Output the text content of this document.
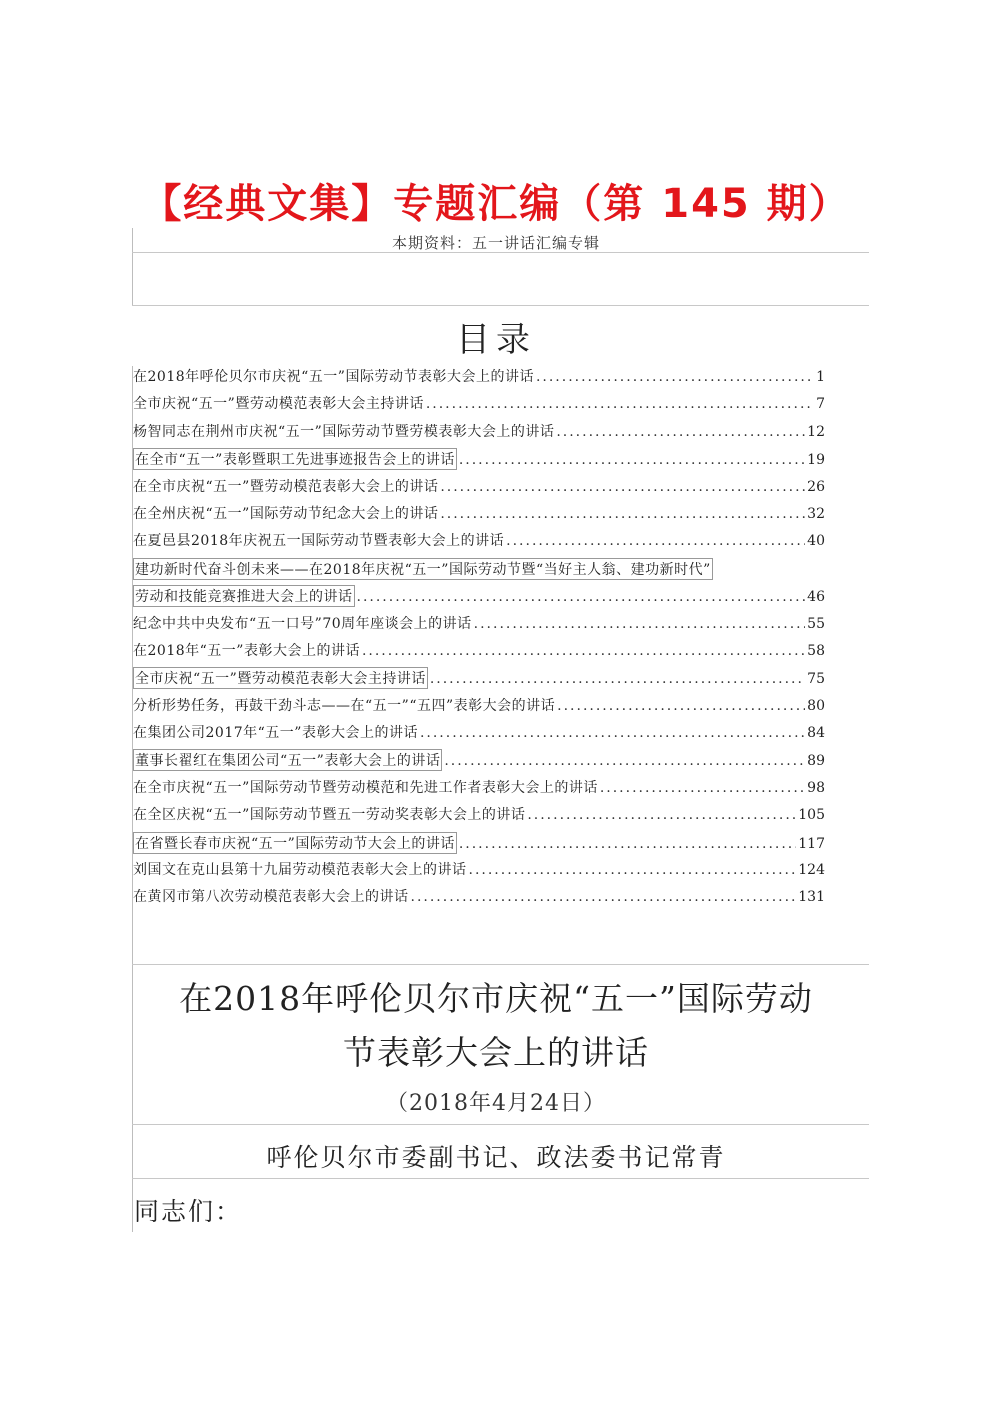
【经典文集】专题汇编（第 145 期）
本期资料：五一讲话汇编专辑
目录
在2018年呼伦贝尔市庆祝“五一”国际劳动节表彰大会上的讲话 .....	1
全市庆祝“五一”暨劳动模范表彰大会主持讲话 .....	7
杨智同志在荆州市庆祝“五一”国际劳动节暨劳模表彰大会上的讲话 .....	12
在全市“五一”表彰暨职工先进事迹报告会上的讲话 .....	19
在全市庆祝“五一”暨劳动模范表彰大会上的讲话 .....	26
在全州庆祝“五一”国际劳动节纪念大会上的讲话 .....	32
在夏邑县2018年庆祝五一国际劳动节暨表彰大会上的讲话 .....	40
建功新时代奋斗创未来——在2018年庆祝“五一”国际劳动节暨“当好主人翁、建功新时代”
劳动和技能竞赛推进大会上的讲话 .....	46
纪念中共中央发布“五一口号”70周年座谈会上的讲话 .....	55
在2018年“五一”表彰大会上的讲话 .....	58
全市庆祝“五一”暨劳动模范表彰大会主持讲话 .....	75
分析形势任务，再鼓干劲斗志——在“五一”“五四”表彰大会的讲话 .....	80
在集团公司2017年“五一”表彰大会上的讲话 .....	84
董事长翟红在集团公司“五一”表彰大会上的讲话 .....	89
在全市庆祝“五一”国际劳动节暨劳动模范和先进工作者表彰大会上的讲话 .....	98
在全区庆祝“五一”国际劳动节暨五一劳动奖表彰大会上的讲话 .....	105
在省暨长春市庆祝“五一”国际劳动节大会上的讲话 .....	117
刘国文在克山县第十九届劳动模范表彰大会上的讲话 .....	124
在黄冈市第八次劳动模范表彰大会上的讲话 .....	131
在2018年呼伦贝尔市庆祝“五一”国际劳动
节表彰大会上的讲话
（2018年4月24日）
呼伦贝尔市委副书记、政法委书记常青
同志们：
